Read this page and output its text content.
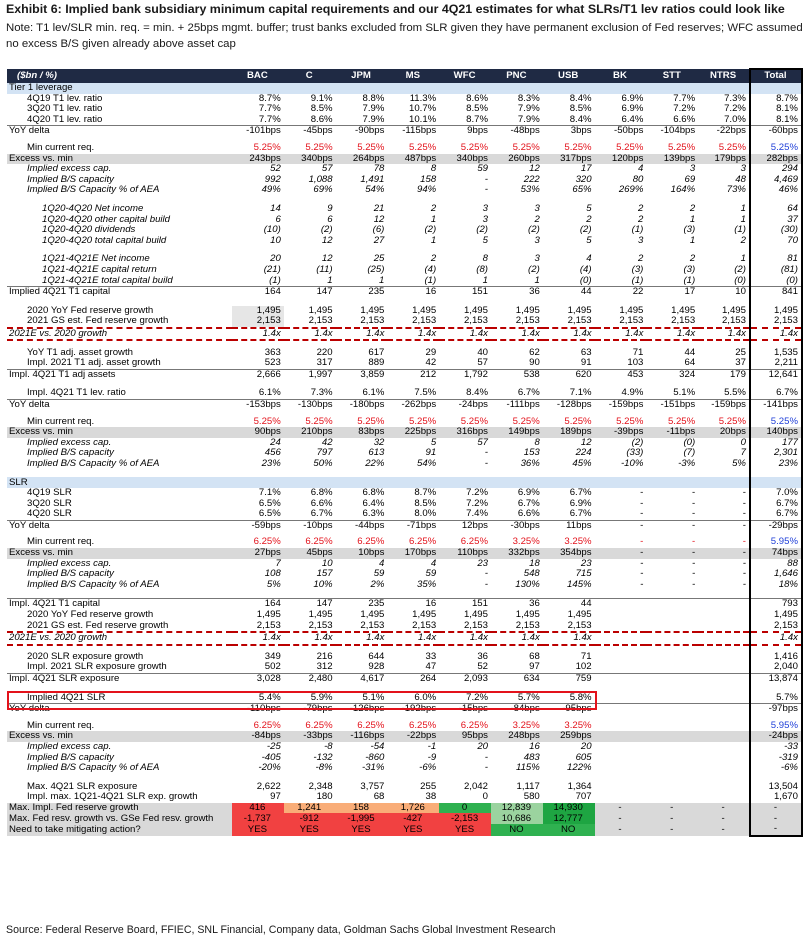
Exhibit 6: Implied bank subsidiary minimum capital requirements and our 4Q21 estimates for what SLRs/T1 lev ratios could look like
Note: T1 lev/SLR min. req. = min. + 25bps mgmt. buffer; trust banks excluded from SLR given they have permanent exclusion of Fed reserves; WFC assumed no excess B/S given already above asset cap
($bn / %)	BAC	C	JPM	MS	WFC	PNC	USB	BK	STT	NTRS	Total
Tier 1 leverage											
4Q19 T1 lev. ratio	8.7%	9.1%	8.8%	11.3%	8.6%	8.3%	8.4%	6.9%	7.7%	7.3%	8.7%
3Q20 T1 lev. ratio	7.7%	8.5%	7.9%	10.7%	8.5%	7.9%	8.5%	6.9%	7.2%	7.2%	8.1%
4Q20 T1 lev. ratio	7.7%	8.6%	7.9%	10.1%	8.7%	7.9%	8.4%	6.4%	6.6%	7.0%	8.1%
YoY delta	-101bps	-45bps	-90bps	-115bps	9bps	-48bps	3bps	-50bps	-104bps	-22bps	-60bps

Min current req.	5.25%	5.25%	5.25%	5.25%	5.25%	5.25%	5.25%	5.25%	5.25%	5.25%	5.25%
Excess vs. min	243bps	340bps	264bps	487bps	340bps	260bps	317bps	120bps	139bps	179bps	282bps
Implied excess cap.	52	57	78	8	59	12	17	4	3	3	294
Implied B/S capacity	992	1,088	1,491	158	-	222	320	80	69	48	4,469
Implied B/S Capacity % of AEA	49%	69%	54%	94%	-	53%	65%	269%	164%	73%	46%

1Q20-4Q20 Net income	14	9	21	2	3	3	5	2	2	1	64
1Q20-4Q20 other capital build	6	6	12	1	3	2	2	2	1	1	37
1Q20-4Q20 dividends	(10)	(2)	(6)	(2)	(2)	(2)	(2)	(1)	(3)	(1)	(30)
1Q20-4Q20 total capital build	10	12	27	1	5	3	5	3	1	2	70

1Q21-4Q21E Net income	20	12	25	2	8	3	4	2	2	1	81
1Q21-4Q21E capital return	(21)	(11)	(25)	(4)	(8)	(2)	(4)	(3)	(3)	(2)	(81)
1Q21-4Q21E total capital build	(1)	1	1	(1)	1	1	(0)	(1)	(1)	(0)	(0)
Implied 4Q21 T1 capital	164	147	235	16	151	36	44	22	17	10	841

2020 YoY Fed reserve growth	1,495	1,495	1,495	1,495	1,495	1,495	1,495	1,495	1,495	1,495	1,495
2021 GS est. Fed reserve growth	2,153	2,153	2,153	2,153	2,153	2,153	2,153	2,153	2,153	2,153	2,153
2021E vs. 2020 growth	1.4x	1.4x	1.4x	1.4x	1.4x	1.4x	1.4x	1.4x	1.4x	1.4x	1.4x

YoY T1 adj. asset growth	363	220	617	29	40	62	63	71	44	25	1,535
Impl. 2021 T1 adj. asset growth	523	317	889	42	57	90	91	103	64	37	2,211
Impl. 4Q21 T1 adj assets	2,666	1,997	3,859	212	1,792	538	620	453	324	179	12,641

Impl. 4Q21 T1 lev. ratio	6.1%	7.3%	6.1%	7.5%	8.4%	6.7%	7.1%	4.9%	5.1%	5.5%	6.7%
YoY delta	-153bps	-130bps	-180bps	-262bps	-24bps	-111bps	-128bps	-159bps	-151bps	-159bps	-141bps

Min current req.	5.25%	5.25%	5.25%	5.25%	5.25%	5.25%	5.25%	5.25%	5.25%	5.25%	5.25%
Excess vs. min	90bps	210bps	83bps	225bps	316bps	149bps	189bps	-39bps	-11bps	20bps	140bps
Implied excess cap.	24	42	32	5	57	8	12	(2)	(0)	0	177
Implied B/S capacity	456	797	613	91	-	153	224	(33)	(7)	7	2,301
Implied B/S Capacity % of AEA	23%	50%	22%	54%	-	36%	45%	-10%	-3%	5%	23%

SLR											
4Q19 SLR	7.1%	6.8%	6.8%	8.7%	7.2%	6.9%	6.7%	-	-	-	7.0%
3Q20 SLR	6.5%	6.6%	6.4%	8.5%	7.2%	6.7%	6.9%	-	-	-	6.7%
4Q20 SLR	6.5%	6.7%	6.3%	8.0%	7.4%	6.6%	6.7%	-	-	-	6.7%
YoY delta	-59bps	-10bps	-44bps	-71bps	12bps	-30bps	11bps	-	-	-	-29bps

Min current req.	6.25%	6.25%	6.25%	6.25%	6.25%	3.25%	3.25%	-	-	-	5.95%
Excess vs. min	27bps	45bps	10bps	170bps	110bps	332bps	354bps	-	-	-	74bps
Implied excess cap.	7	10	4	4	23	18	23	-	-	-	88
Implied B/S capacity	108	157	59	59	-	548	715	-	-	-	1,646
Implied B/S Capacity % of AEA	5%	10%	2%	35%	-	130%	145%	-	-	-	18%

Impl. 4Q21 T1 capital	164	147	235	16	151	36	44				793
2020 YoY Fed reserve growth	1,495	1,495	1,495	1,495	1,495	1,495	1,495				1,495
2021 GS est. Fed reserve growth	2,153	2,153	2,153	2,153	2,153	2,153	2,153				2,153
2021E vs. 2020 growth	1.4x	1.4x	1.4x	1.4x	1.4x	1.4x	1.4x				1.4x

2020 SLR exposure growth	349	216	644	33	36	68	71				1,416
Impl. 2021 SLR exposure growth	502	312	928	47	52	97	102				2,040
Impl. 4Q21 SLR exposure	3,028	2,480	4,617	264	2,093	634	759				13,874

Implied 4Q21 SLR	5.4%	5.9%	5.1%	6.0%	7.2%	5.7%	5.8%				5.7%
YoY delta	-110bps	-79bps	-126bps	-192bps	-15bps	-84bps	-95bps				-97bps

Min current req.	6.25%	6.25%	6.25%	6.25%	6.25%	3.25%	3.25%				5.95%
Excess vs. min	-84bps	-33bps	-116bps	-22bps	95bps	248bps	259bps				-24bps
Implied excess cap.	-25	-8	-54	-1	20	16	20				-33
Implied B/S capacity	-405	-132	-860	-9	-	483	605				-319
Implied B/S Capacity % of AEA	-20%	-8%	-31%	-6%	-	115%	122%				-6%

Max. 4Q21 SLR exposure	2,622	2,348	3,757	255	2,042	1,117	1,364				13,504
Impl. max. 1Q21-4Q21 SLR exp. growth	97	180	68	38	0	580	707				1,670
Max. Impl. Fed reserve growth	416	1,241	158	1,726	0	12,839	14,930	-	-	-	-
Max. Fed resv. growth vs. GSe Fed resv. growth	-1,737	-912	-1,995	-427	-2,153	10,686	12,777	-	-	-	-
Need to take mitigating action?	YES	YES	YES	YES	YES	NO	NO	-	-	-	-
Source: Federal Reserve Board, FFIEC, SNL Financial, Company data, Goldman Sachs Global Investment Research
